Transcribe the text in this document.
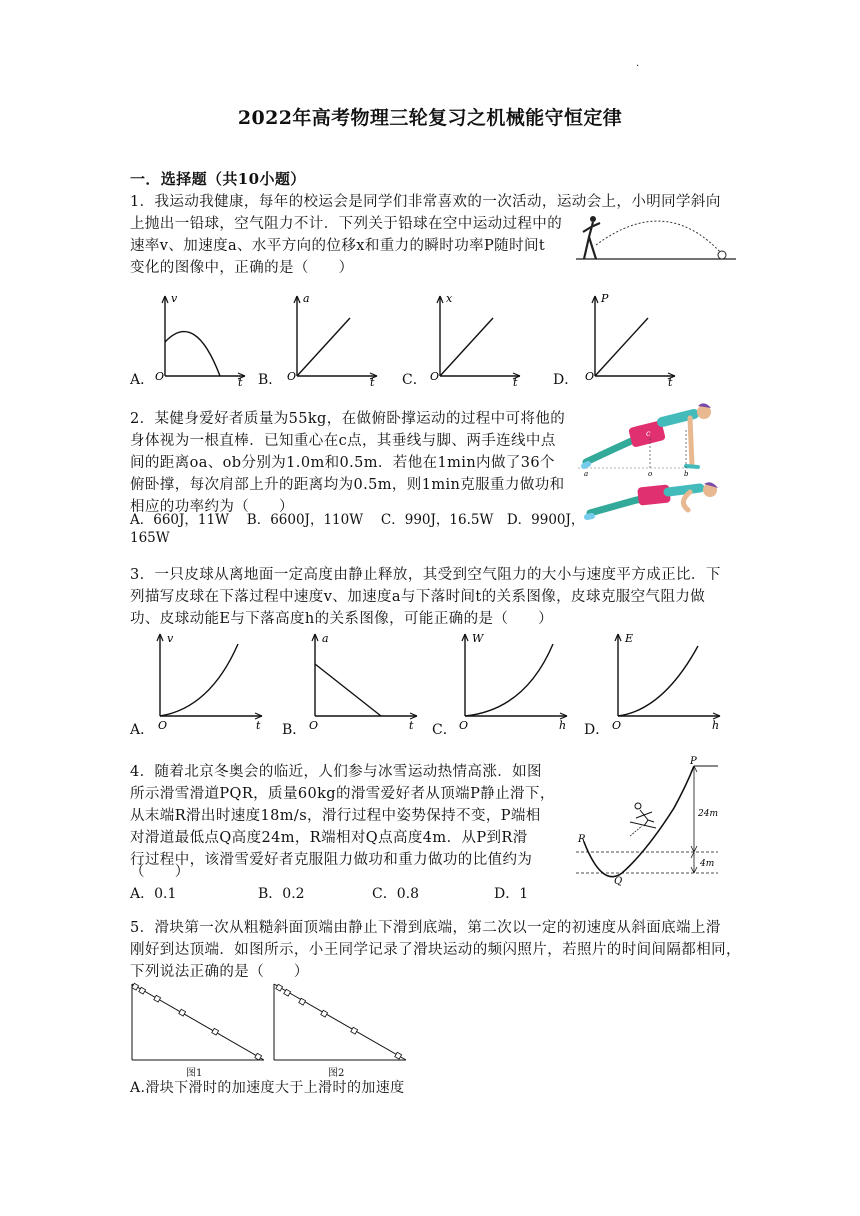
.
2022年高考物理三轮复习之机械能守恒定律
一．选择题（共10小题）
1．我运动我健康，每年的校运会是同学们非常喜欢的一次活动，运动会上，小明同学斜向
上抛出一铅球，空气阻力不计．下列关于铅球在空中运动过程中的
速率v、加速度a、水平方向的位移x和重力的瞬时功率P随时间t
变化的图像中，正确的是（　　）
v
O	t
a
O	t
x
O	t
P
O	t
A．	B．	C．	D．
2．某健身爱好者质量为55kg，在做俯卧撑运动的过程中可将他的
身体视为一根直棒．已知重心在c点，其垂线与脚、两手连线中点
间的距离oa、ob分别为1.0m和0.5m．若他在1min内做了36个
俯卧撑，每次肩部上升的距离均为0.5m，则1min克服重力做功和
相应的功率约为（　　）
A．660J，11W　 B．6600J，110W　 C．990J，16.5W　D．9900J，
165W
c
a	o	b
3．一只皮球从离地面一定高度由静止释放，其受到空气阻力的大小与速度平方成正比．下
列描写皮球在下落过程中速度v、加速度a与下落时间t的关系图像，皮球克服空气阻力做
功、皮球动能E与下落高度h的关系图像，可能正确的是（　　）
v
O	t
a
O	t
W
O	h
E
O	h
A．	B．	C．	D．
4．随着北京冬奥会的临近，人们参与冰雪运动热情高涨．如图
所示滑雪滑道PQR，质量60kg的滑雪爱好者从顶端P静止滑下，
从末端R滑出时速度18m/s，滑行过程中姿势保持不变，P端相
对滑道最低点Q高度24m，R端相对Q点高度4m．从P到R滑
行过程中，该滑雪爱好者克服阻力做功和重力做功的比值约为
（　　）
A．0.1	B．0.2	C．0.8	D．1
P
R
Q
24m
4m
5．滑块第一次从粗糙斜面顶端由静止下滑到底端，第二次以一定的初速度从斜面底端上滑
刚好到达顶端．如图所示，小王同学记录了滑块运动的频闪照片，若照片的时间间隔都相同，
下列说法正确的是（　　）
图1	图2
A.滑块下滑时的加速度大于上滑时的加速度
